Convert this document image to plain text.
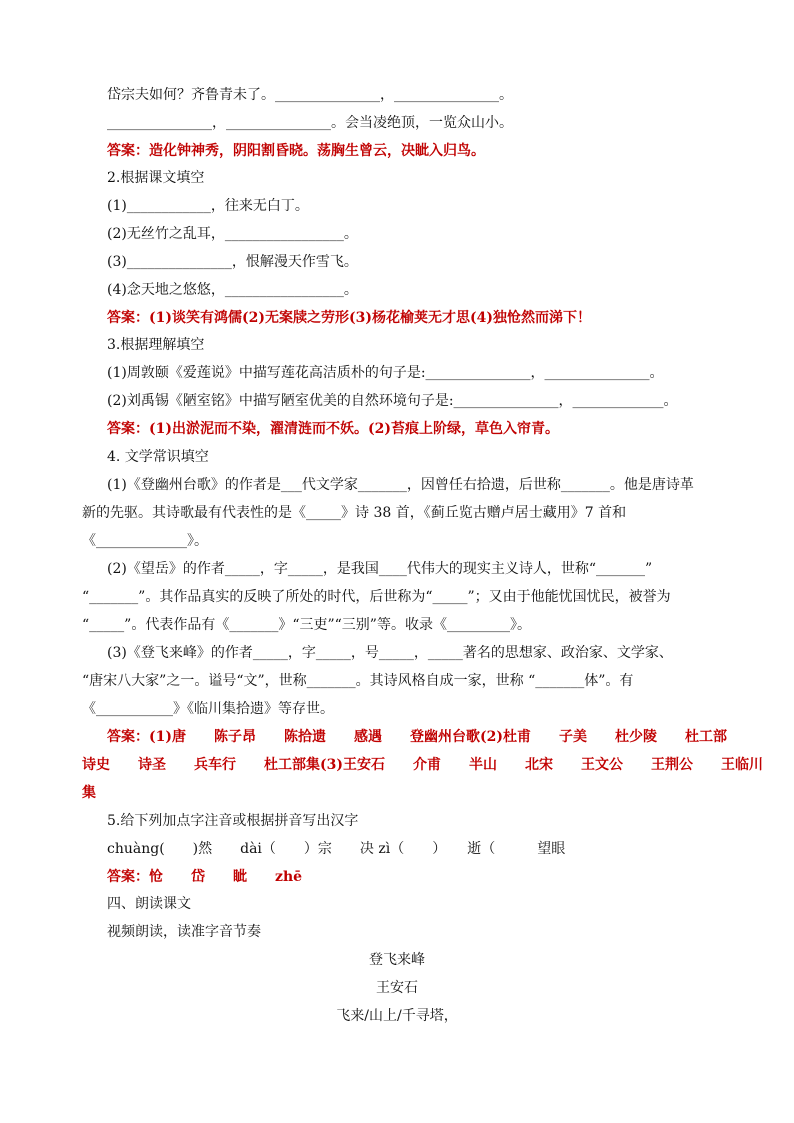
岱宗夫如何？齐鲁青未了。_______________，_______________。
_______________，_______________。会当凌绝顶，一览众山小。
答案：造化钟神秀，阴阳割昏晓。荡胸生曾云，决眦入归鸟。
2.根据课文填空
(1)____________，往来无白丁。
(2)无丝竹之乱耳，_________________。
(3)_______________，恨解漫天作雪飞。
(4)念天地之悠悠，_________________。
答案：(1)谈笑有鸿儒(2)无案牍之劳形(3)杨花榆荚无才思(4)独怆然而涕下！
3.根据理解填空
(1)周敦颐《爱莲说》中描写莲花高洁质朴的句子是:_______________，_______________。
(2)刘禹锡《陋室铭》中描写陋室优美的自然环境句子是:_______________，_____________。
答案：(1)出淤泥而不染，濯清涟而不妖。(2)苔痕上阶绿，草色入帘青。
4. 文学常识填空
(1)《登幽州台歌》的作者是___代文学家_______，因曾任右拾遗，后世称_______。他是唐诗革
新的先驱。其诗歌最有代表性的是《_____》诗 38 首，《蓟丘览古赠卢居士藏用》7 首和
《_____________》。
(2)《望岳》的作者_____，字_____，是我国____代伟大的现实主义诗人，世称“_______”
“_______”。其作品真实的反映了所处的时代，后世称为“_____”；又由于他能忧国忧民，被誉为
“_____”。代表作品有《_______》“三吏”“三别”等。收录《_________》。
(3)《登飞来峰》的作者_____，字_____，号_____，_____著名的思想家、政治家、文学家、
“唐宋八大家”之一。谥号“文”，世称_______。其诗风格自成一家，世称 “_______体”。有
《___________》《临川集拾遗》等存世。
答案：(1)唐　　陈子昂　　陈拾遗　　感遇　　登幽州台歌(2)杜甫　　子美　　杜少陵　　杜工部
诗史　　诗圣　　兵车行　　杜工部集(3)王安石　　介甫　　半山　　北宋　　王文公　　王荆公　　王临川
集
5.给下列加点字注音或根据拼音写出汉字
chuàng(　　)然　　dài（　　）宗　　决 zì（　　）　　逝（　　　望眼
答案：怆　　岱　　眦　　zhē
四、朗读课文
视频朗读，读准字音节奏
登飞来峰
王安石
飞来/山上/千寻塔，
